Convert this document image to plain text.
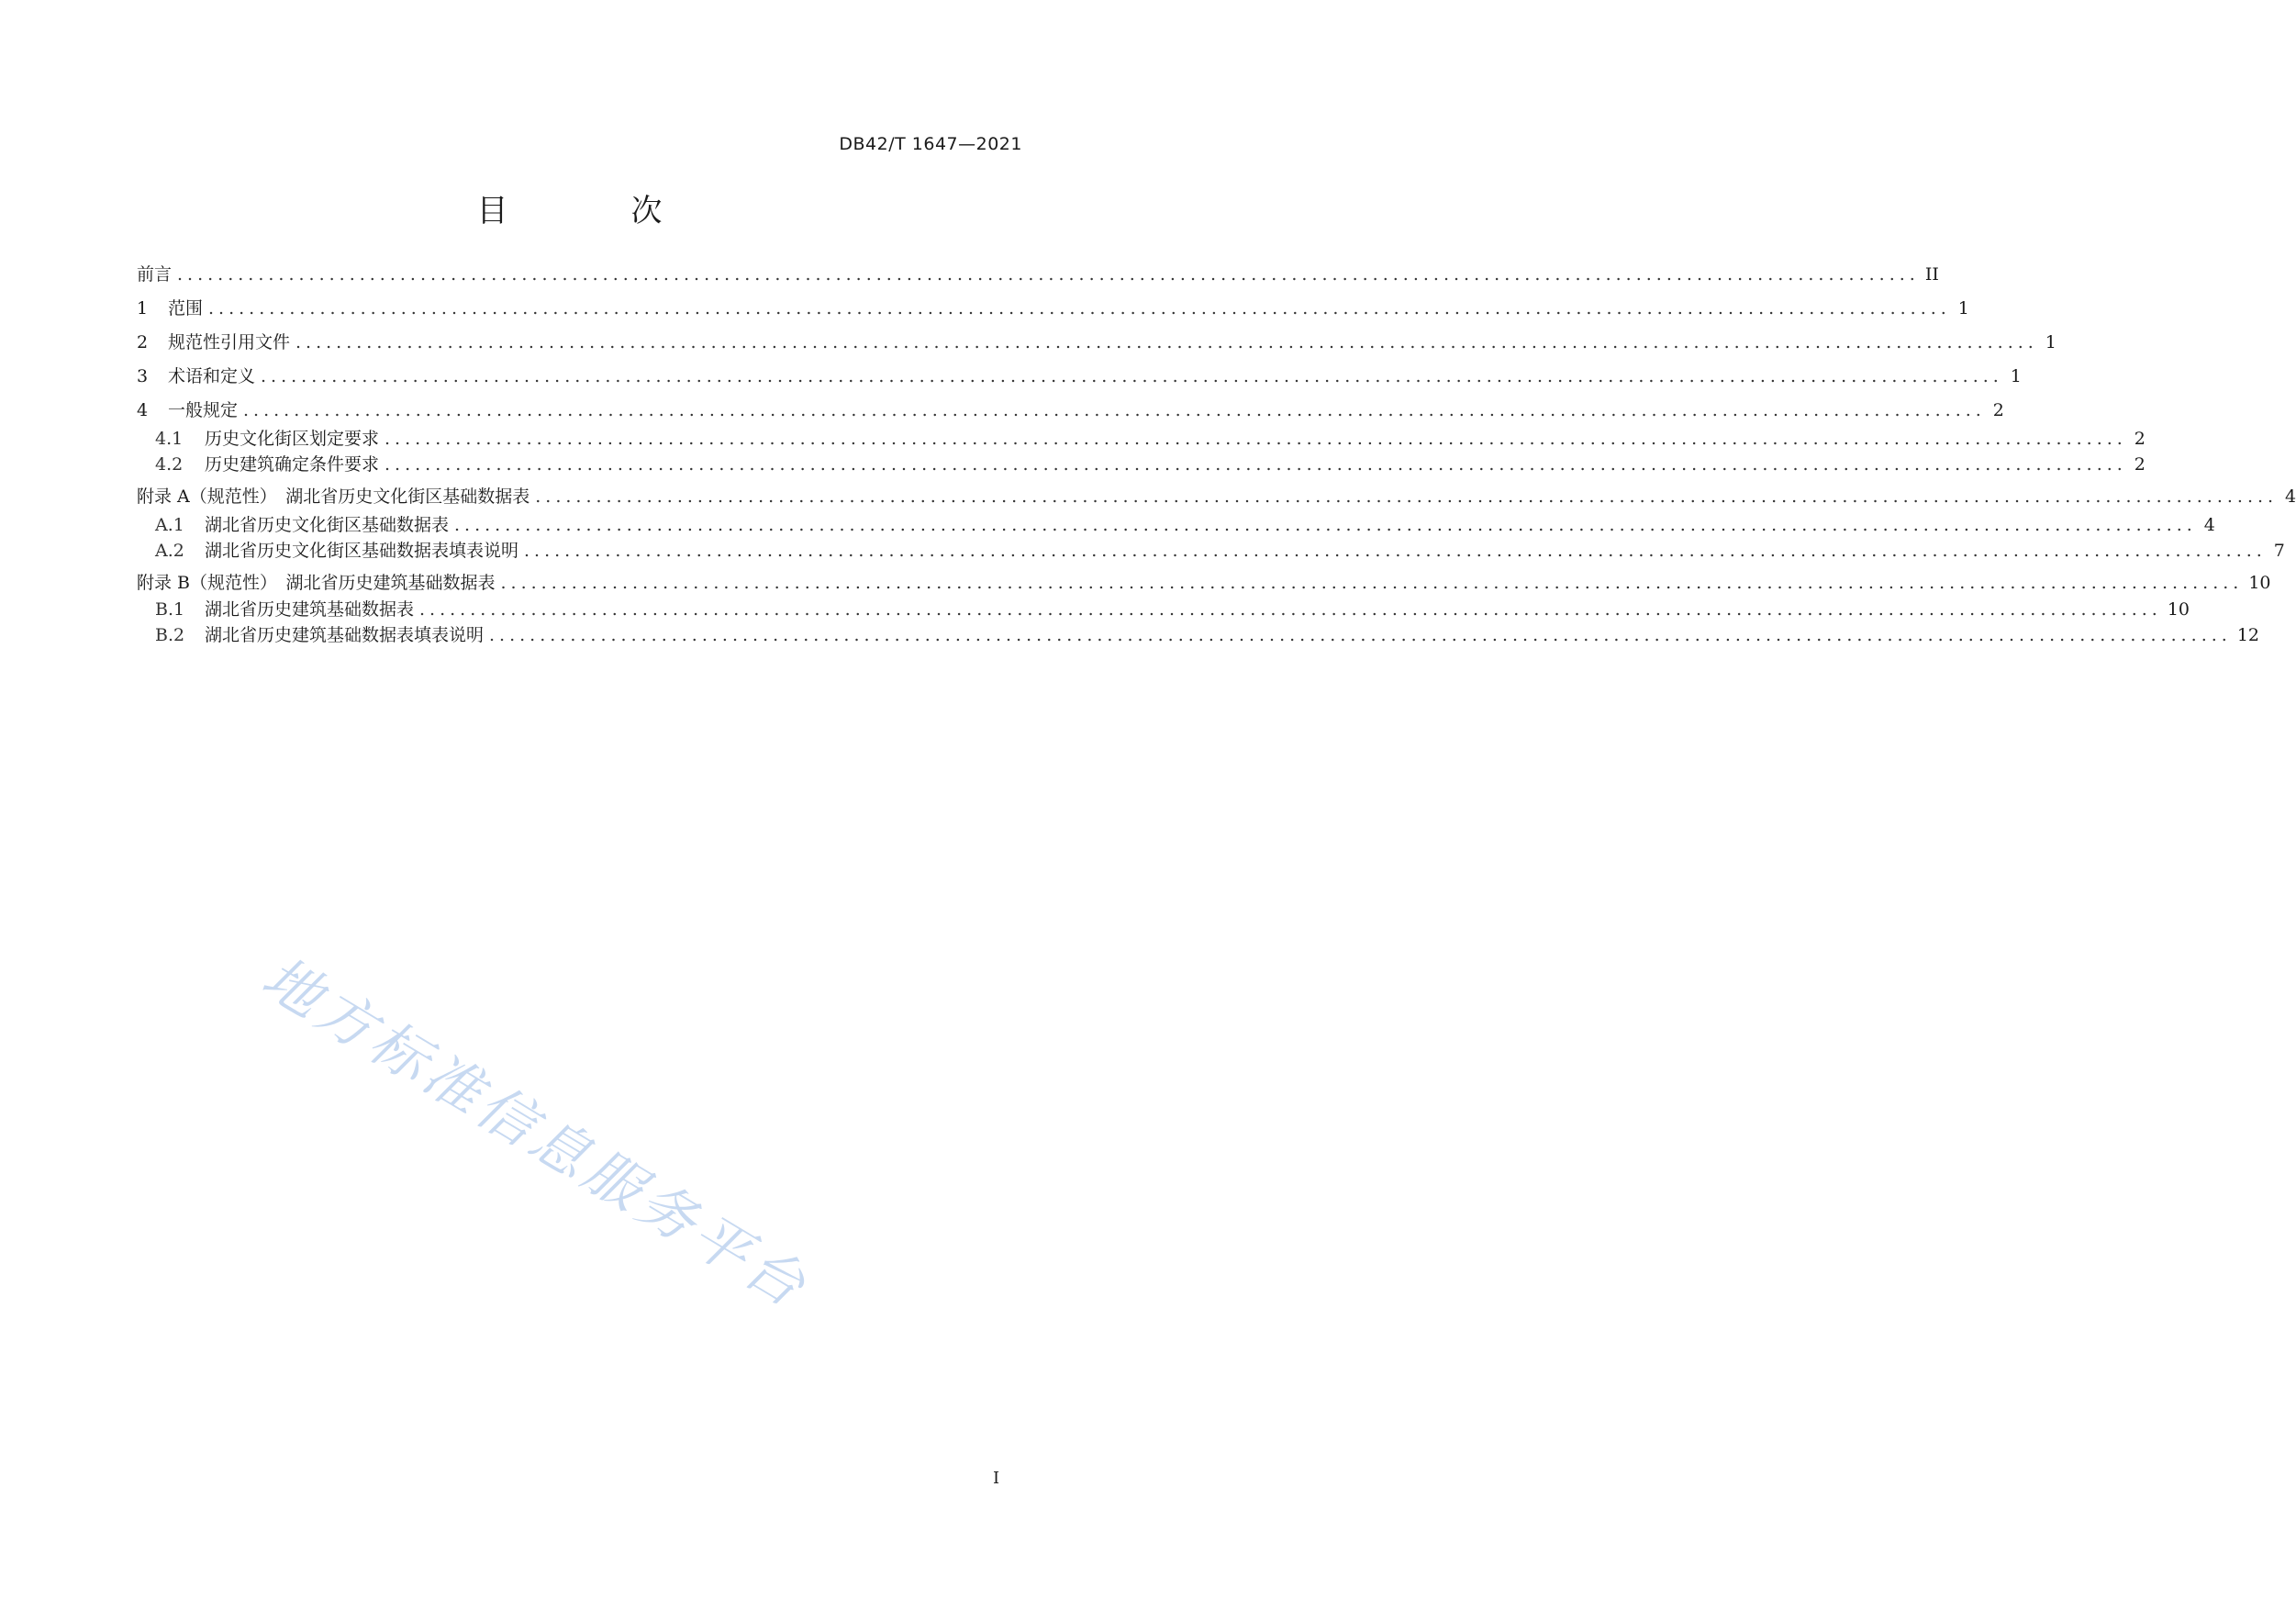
DB42/T 1647—2021
目　次
前言 ............................................................................................................................................................................ II
1	范围 ............................................................................................................................................................................ 1
2	规范性引用文件 ............................................................................................................................................................................ 1
3	术语和定义 ............................................................................................................................................................................ 1
4	一般规定 ............................................................................................................................................................................ 2
4.1	历史文化街区划定要求 ............................................................................................................................................................................ 2
4.2	历史建筑确定条件要求 ............................................................................................................................................................................ 2
附录 A（规范性）　湖北省历史文化街区基础数据表 ............................................................................................................................................................................ 4
A.1	湖北省历史文化街区基础数据表 ............................................................................................................................................................................ 4
A.2	湖北省历史文化街区基础数据表填表说明 ............................................................................................................................................................................ 7
附录 B（规范性）　湖北省历史建筑基础数据表 ............................................................................................................................................................................ 10
B.1	湖北省历史建筑基础数据表 ............................................................................................................................................................................ 10
B.2	湖北省历史建筑基础数据表填表说明 ............................................................................................................................................................................ 12
地方标准信息服务平台
I
